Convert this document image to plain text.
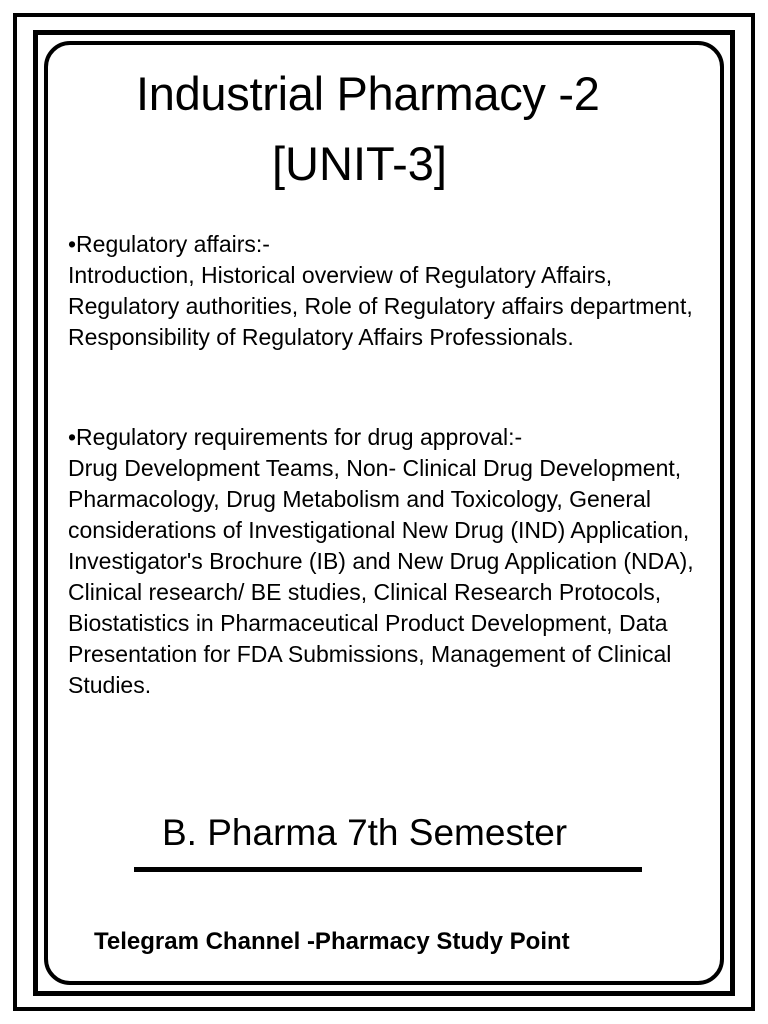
Industrial Pharmacy -2
[UNIT-3]

•Regulatory affairs:-
Introduction, Historical overview of Regulatory Affairs, Regulatory authorities, Role of Regulatory affairs department, Responsibility of Regulatory Affairs Professionals.

•Regulatory requirements for drug approval:-
Drug Development Teams, Non- Clinical Drug Development, Pharmacology, Drug Metabolism and Toxicology, General considerations of Investigational New Drug (IND) Application, Investigator's Brochure (IB) and New Drug Application (NDA), Clinical research/ BE studies, Clinical Research Protocols, Biostatistics in Pharmaceutical Product Development, Data Presentation for FDA Submissions, Management of Clinical Studies.

B. Pharma 7th Semester

Telegram Channel -Pharmacy Study Point
